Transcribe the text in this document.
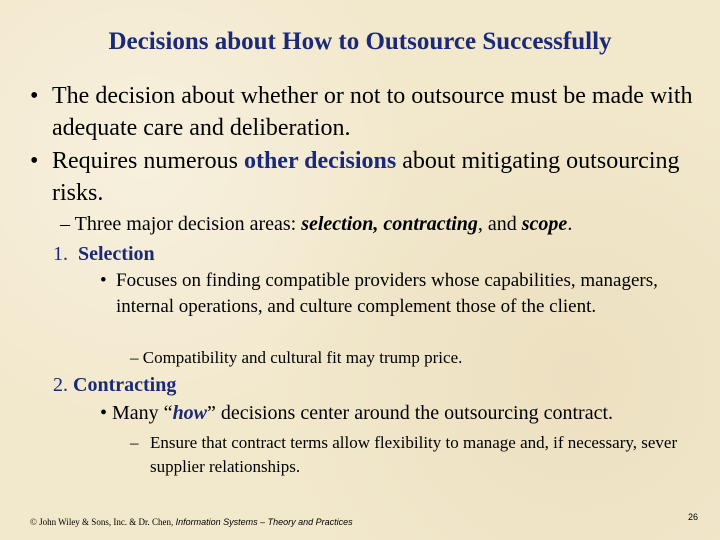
Decisions about How to Outsource Successfully
• The decision about whether or not to outsource must be made with adequate care and deliberation.
• Requires numerous other decisions about mitigating outsourcing risks.
– Three major decision areas: selection, contracting, and scope.
1. Selection
• Focuses on finding compatible providers whose capabilities, managers, internal operations, and culture complement those of the client.
– Compatibility and cultural fit may trump price.
2. Contracting
• Many “how” decisions center around the outsourcing contract.
– Ensure that contract terms allow flexibility to manage and, if necessary, sever supplier relationships.
© John Wiley & Sons, Inc. & Dr. Chen, Information Systems – Theory and Practices	26
